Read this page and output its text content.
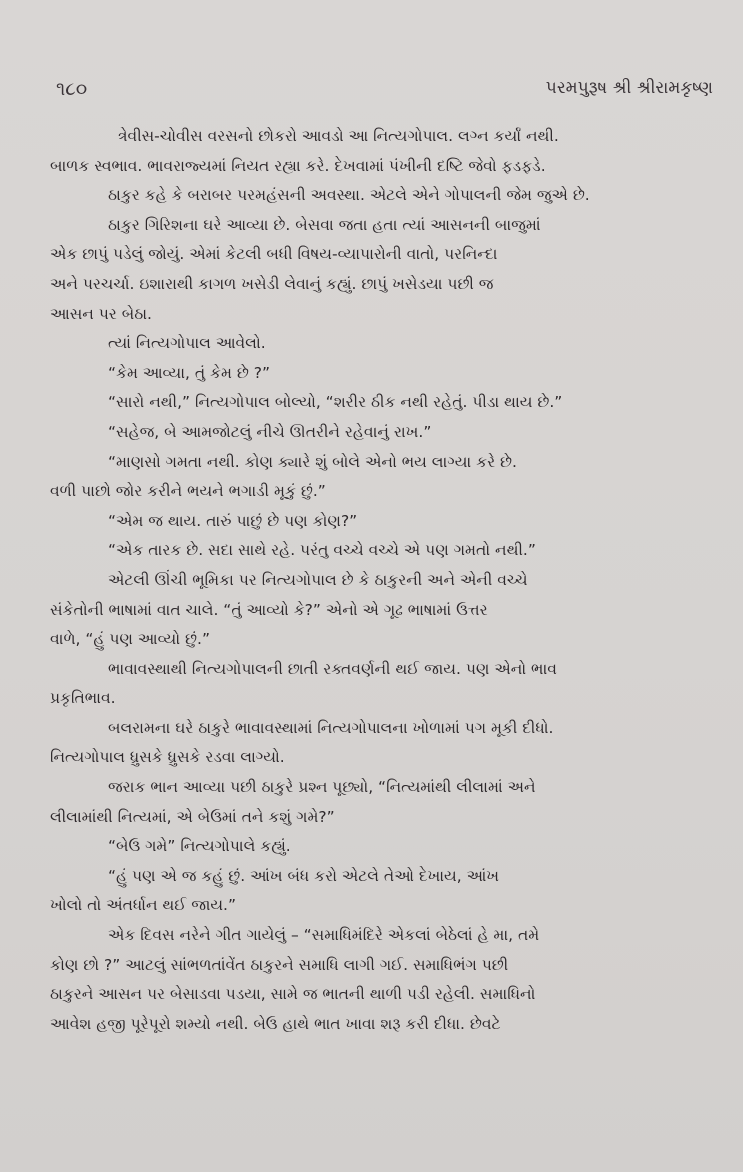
૧૮૦	પરમપુરૂષ શ્રી શ્રીરામકૃષ્ણ
ત્રેવીસ-ચોવીસ વરસનો છોકરો આવડો આ નિત્યગોપાલ. લગ્ન કર્યાં નથી.
બાળક સ્વભાવ. ભાવરાજ્યમાં નિયત રહ્યા કરે. દેખવામાં પંખીની દષ્ટિ જેવો ફડફડે.
ઠાકુર કહે કે બરાબર પરમહંસની અવસ્થા. એટલે એને ગોપાલની જેમ જુએ છે.
ઠાકુર ગિરિશના ઘરે આવ્યા છે. બેસવા જતા હતા ત્યાં આસનની બાજુમાં
એક છાપું પડેલું જોયું. એમાં કેટલી બધી વિષય-વ્યાપારોની વાતો, પરનિન્દા
અને પરચર્ચા. ઇશારાથી કાગળ ખસેડી લેવાનું કહ્યું. છાપું ખસેડયા પછી જ
આસન પર બેઠા.
ત્યાં નિત્યગોપાલ આવેલો.
“કેમ આવ્યા, તું કેમ છે ?”
“સારો નથી,” નિત્યગોપાલ બોલ્યો, “શરીર ઠીક નથી રહેતું. પીડા થાય છે.”
“સહેજ, બે આમજોટલું નીચે ઊતરીને રહેવાનું રાખ.”
“માણસો ગમતા નથી. કોણ ક્યારે શું બોલે એનો ભય લાગ્યા કરે છે.
વળી પાછો જોર કરીને ભયને ભગાડી મૂકું છું.”
“એમ જ થાય. તારું પાછું છે પણ કોણ?”
“એક તારક છે. સદા સાથે રહે. પરંતુ વચ્ચે વચ્ચે એ પણ ગમતો નથી.”
એટલી ઊંચી ભૂમિકા પર નિત્યગોપાલ છે કે ઠાકુરની અને એની વચ્ચે
સંકેતોની ભાષામાં વાત ચાલે. “તું આવ્યો કે?” એનો એ ગૂઢ ભાષામાં ઉત્તર
વાળે, “હું પણ આવ્યો છું.”
ભાવાવસ્થાથી નિત્યગોપાલની છાતી રક્તવર્ણની થઈ જાય. પણ એનો ભાવ
પ્રકૃતિભાવ.
બલરામના ઘરે ઠાકુરે ભાવાવસ્થામાં નિત્યગોપાલના ખોળામાં પગ મૂકી દીધો.
નિત્યગોપાલ ધ્રુસકે ધ્રુસકે રડવા લાગ્યો.
જરાક ભાન આવ્યા પછી ઠાકુરે પ્રશ્ન પૂછ્યો, “નિત્યમાંથી લીલામાં અને
લીલામાંથી નિત્યમાં, એ બેઉમાં તને કશું ગમે?”
“બેઉ ગમે” નિત્યગોપાલે કહ્યું.
“હું પણ એ જ કહું છું. આંખ બંધ કરો એટલે તેઓ દેખાય, આંખ
ખોલો તો અંતર્ધાન થઈ જાય.”
એક દિવસ નરેને ગીત ગાયેલું – “સમાધિમંદિરે એકલાં બેઠેલાં હે મા, તમે
કોણ છો ?” આટલું સાંભળતાંવેંત ઠાકુરને સમાધિ લાગી ગઈ. સમાધિભંગ પછી
ઠાકુરને આસન પર બેસાડવા પડયા, સામે જ ભાતની થાળી પડી રહેલી. સમાધિનો
આવેશ હજી પૂરેપૂરો શમ્યો નથી. બેઉ હાથે ભાત ખાવા શરૂ કરી દીધા. છેવટે
